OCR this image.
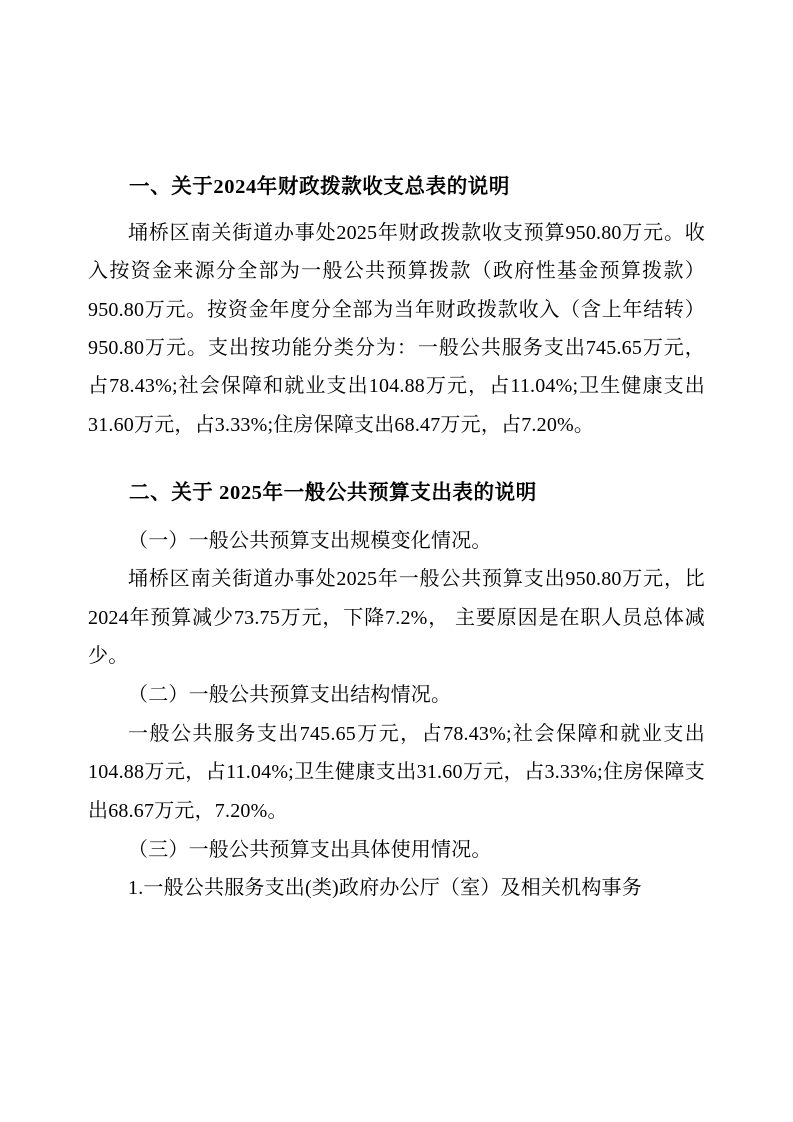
一、关于2024年财政拨款收支总表的说明

埇桥区南关街道办事处2025年财政拨款收支预算950.80万元。收入按资金来源分全部为一般公共预算拨款（政府性基金预算拨款）950.80万元。按资金年度分全部为当年财政拨款收入（含上年结转）950.80万元。支出按功能分类分为：一般公共服务支出745.65万元，占78.43%;社会保障和就业支出104.88万元，占11.04%;卫生健康支出31.60万元，占3.33%;住房保障支出68.47万元，占7.20%。

二、关于 2025年一般公共预算支出表的说明

（一）一般公共预算支出规模变化情况。

埇桥区南关街道办事处2025年一般公共预算支出950.80万元，比2024年预算减少73.75万元，下降7.2%， 主要原因是在职人员总体减少。

（二）一般公共预算支出结构情况。

一般公共服务支出745.65万元，占78.43%;社会保障和就业支出104.88万元，占11.04%;卫生健康支出31.60万元，占3.33%;住房保障支出68.67万元，7.20%。

（三）一般公共预算支出具体使用情况。

1.一般公共服务支出(类)政府办公厅（室）及相关机构事务
